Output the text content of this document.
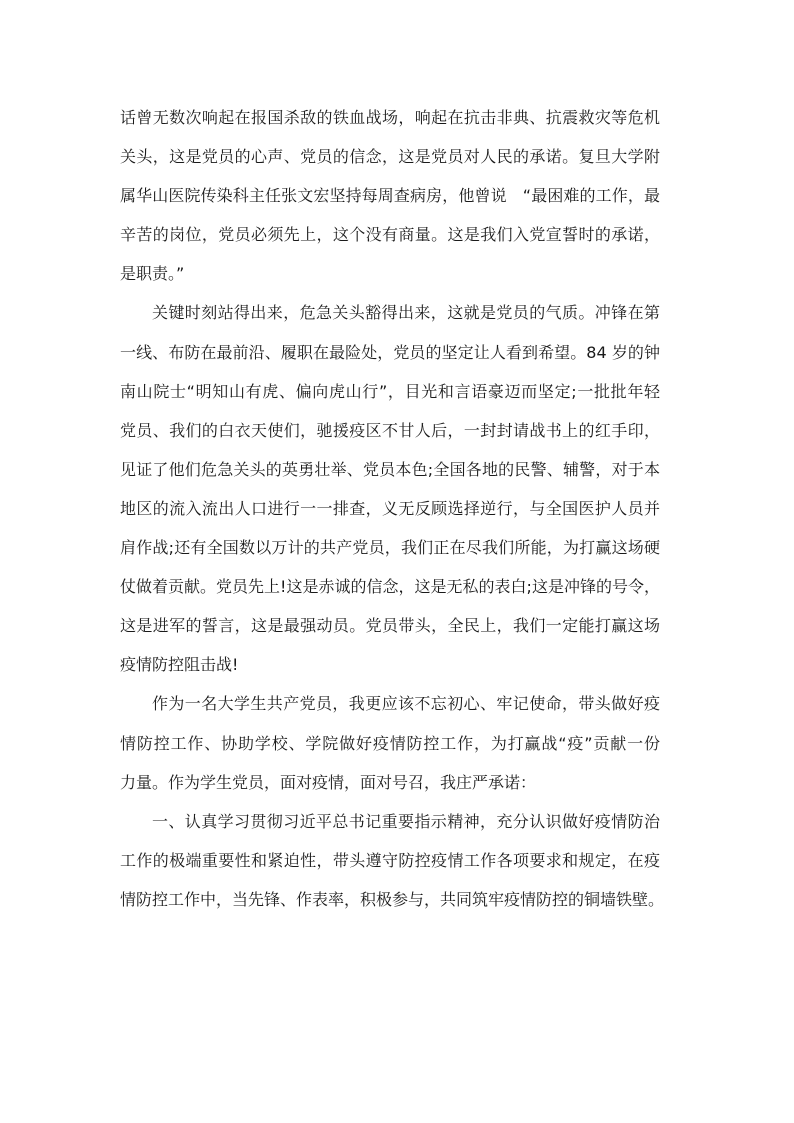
话曾无数次响起在报国杀敌的铁血战场，响起在抗击非典、抗震救灾等危机
关头，这是党员的心声、党员的信念，这是党员对人民的承诺。复旦大学附
属华山医院传染科主任张文宏坚持每周查病房，他曾说　“最困难的工作，最
辛苦的岗位，党员必须先上，这个没有商量。这是我们入党宣誓时的承诺，
是职责。”
关键时刻站得出来，危急关头豁得出来，这就是党员的气质。冲锋在第
一线、布防在最前沿、履职在最险处，党员的坚定让人看到希望。84 岁的钟
南山院士“明知山有虎、偏向虎山行”，目光和言语豪迈而坚定;一批批年轻
党员、我们的白衣天使们，驰援疫区不甘人后，一封封请战书上的红手印，
见证了他们危急关头的英勇壮举、党员本色;全国各地的民警、辅警，对于本
地区的流入流出人口进行一一排查，义无反顾选择逆行，与全国医护人员并
肩作战;还有全国数以万计的共产党员，我们正在尽我们所能，为打赢这场硬
仗做着贡献。党员先上!这是赤诚的信念，这是无私的表白;这是冲锋的号令，
这是进军的誓言，这是最强动员。党员带头，全民上，我们一定能打赢这场
疫情防控阻击战!
作为一名大学生共产党员，我更应该不忘初心、牢记使命，带头做好疫
情防控工作、协助学校、学院做好疫情防控工作，为打赢战“疫”贡献一份
力量。作为学生党员，面对疫情，面对号召，我庄严承诺：
一、认真学习贯彻习近平总书记重要指示精神，充分认识做好疫情防治
工作的极端重要性和紧迫性，带头遵守防控疫情工作各项要求和规定，在疫
情防控工作中，当先锋、作表率，积极参与，共同筑牢疫情防控的铜墙铁壁。
